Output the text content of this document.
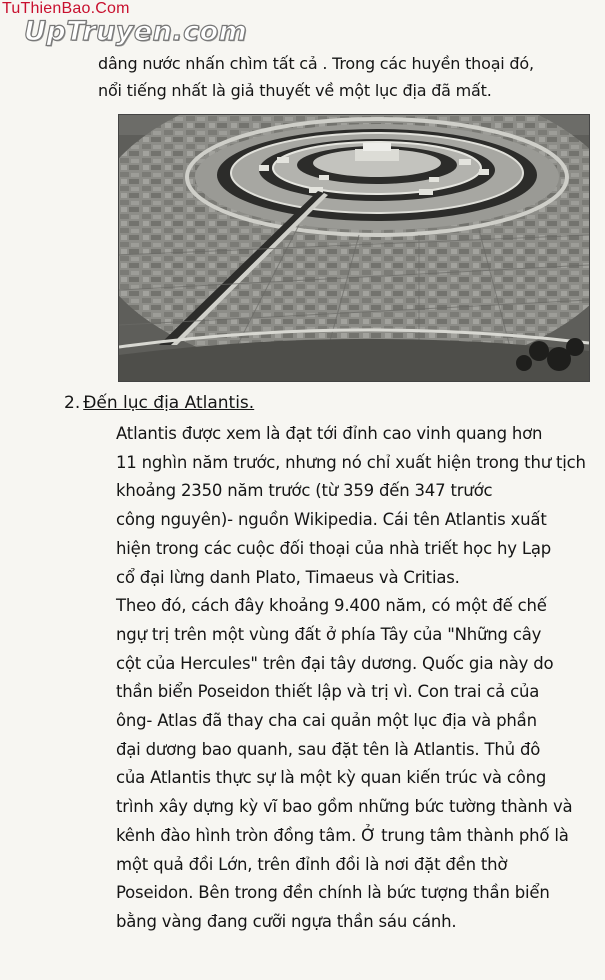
TuThienBao.Com
UpTruyen.com
dâng nước nhấn chìm tất cả . Trong các huyền thoại đó,
nổi tiếng nhất là giả thuyết về một lục địa đã mất.
2. Đến lục địa Atlantis.
Atlantis được xem là đạt tới đỉnh cao vinh quang hơn
11 nghìn năm trước, nhưng nó chỉ xuất hiện trong thư tịch
khoảng 2350 năm trước (từ 359 đến 347 trước
công nguyên)- nguồn Wikipedia. Cái tên Atlantis xuất
hiện trong các cuộc đối thoại của nhà triết học hy Lạp
cổ đại lừng danh Plato, Timaeus và Critias.
Theo đó, cách đây khoảng 9.400 năm, có một đế chế
ngự trị trên một vùng đất ở phía Tây của "Những cây
cột của Hercules" trên đại tây dương. Quốc gia này do
thần biển Poseidon thiết lập và trị vì. Con trai cả của
ông- Atlas đã thay cha cai quản một lục địa và phần
đại dương bao quanh, sau đặt tên là Atlantis. Thủ đô
của Atlantis thực sự là một kỳ quan kiến trúc và công
trình xây dựng kỳ vĩ bao gồm những bức tường thành và
kênh đào hình tròn đồng tâm. Ở trung tâm thành phố là
một quả đồi Lớn, trên đỉnh đồi là nơi đặt đền thờ
Poseidon. Bên trong đền chính là bức tượng thần biển
bằng vàng đang cưỡi ngựa thần sáu cánh.
